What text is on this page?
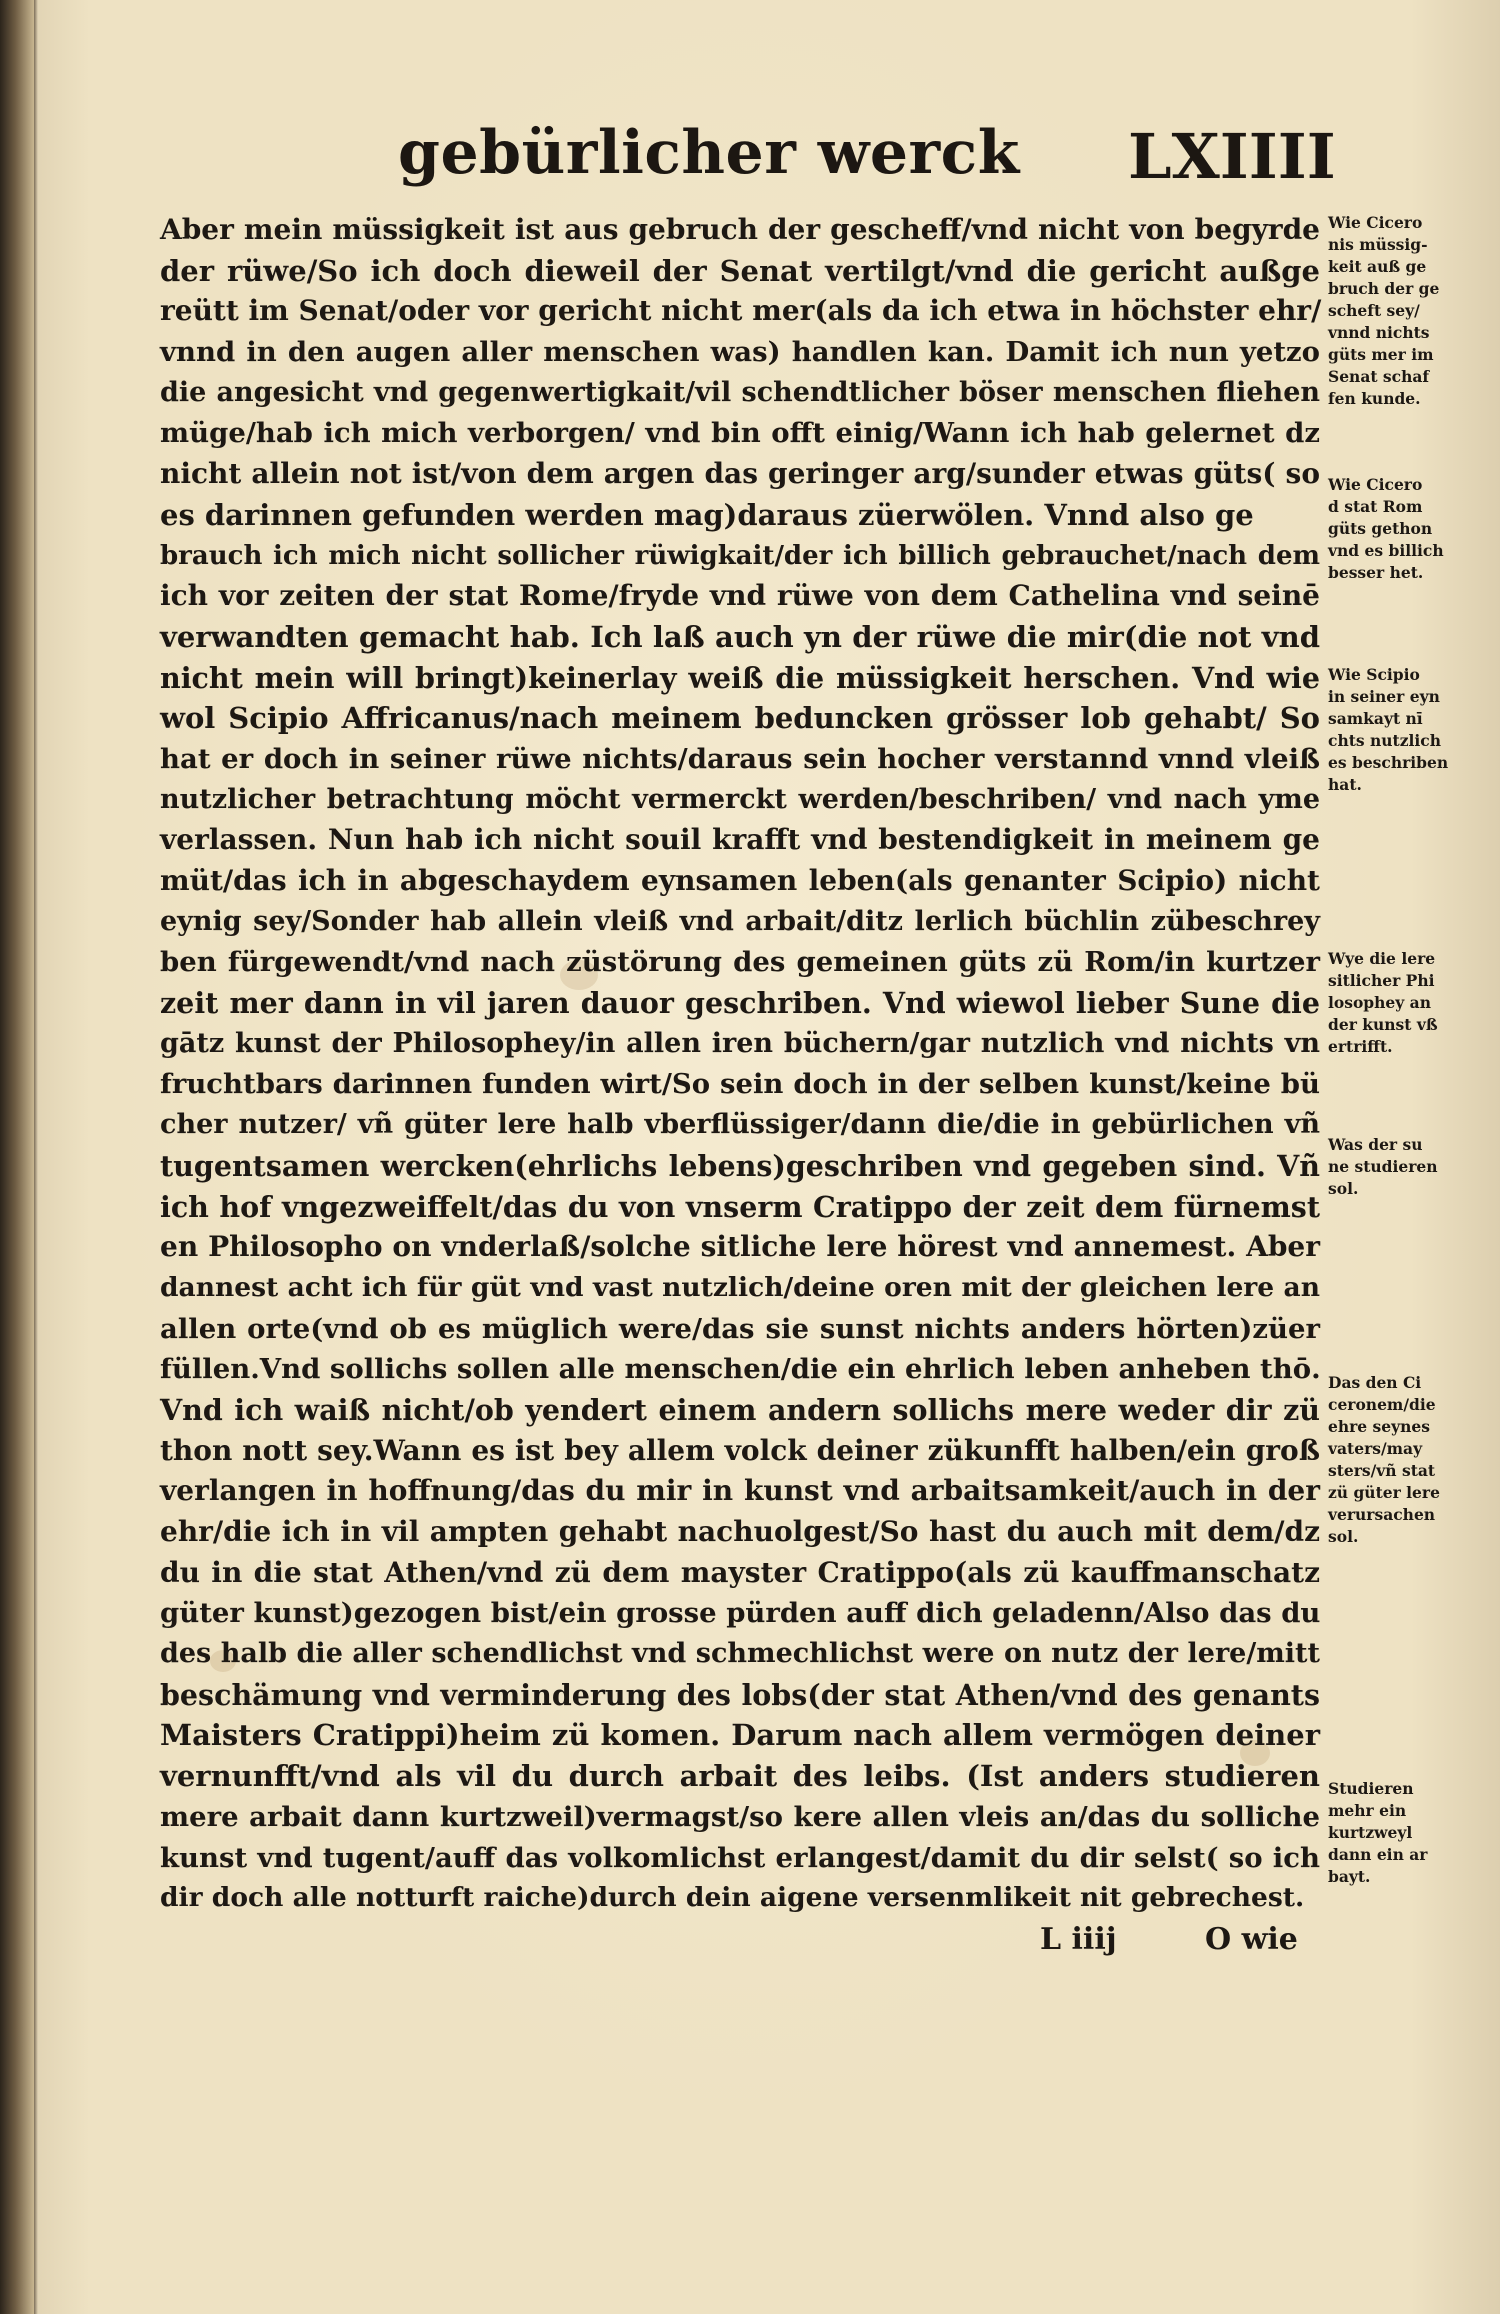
gebürlicher werck LXIIII
Aber mein müssigkeit ist aus gebruch der gescheff/vnd nicht von begyrde
der rüwe/So ich doch dieweil der Senat vertilgt/vnd die gericht außge
reütt im Senat/oder vor gericht nicht mer(als da ich etwa in höchster ehr/
vnnd in den augen aller menschen was) handlen kan. Damit ich nun yetzo
die angesicht vnd gegenwertigkait/vil schendtlicher böser menschen fliehen
müge/hab ich mich verborgen/ vnd bin offt einig/Wann ich hab gelernet dz
nicht allein not ist/von dem argen das geringer arg/sunder etwas güts( so
es darinnen gefunden werden mag)daraus züerwölen. Vnnd also ge
brauch ich mich nicht sollicher rüwigkait/der ich billich gebrauchet/nach dem
ich vor zeiten der stat Rome/fryde vnd rüwe von dem Cathelina vnd seinē
verwandten gemacht hab. Ich laß auch yn der rüwe die mir(die not vnd
nicht mein will bringt)keinerlay weiß die müssigkeit herschen. Vnd wie
wol Scipio Affricanus/nach meinem beduncken grösser lob gehabt/ So
hat er doch in seiner rüwe nichts/daraus sein hocher verstannd vnnd vleiß
nutzlicher betrachtung möcht vermerckt werden/beschriben/ vnd nach yme
verlassen. Nun hab ich nicht souil krafft vnd bestendigkeit in meinem ge
müt/das ich in abgeschaydem eynsamen leben(als genanter Scipio) nicht
eynig sey/Sonder hab allein vleiß vnd arbait/ditz lerlich büchlin zübeschrey
ben fürgewendt/vnd nach züstörung des gemeinen güts zü Rom/in kurtzer
zeit mer dann in vil jaren dauor geschriben. Vnd wiewol lieber Sune die
gātz kunst der Philosophey/in allen iren büchern/gar nutzlich vnd nichts vn
fruchtbars darinnen funden wirt/So sein doch in der selben kunst/keine bü
cher nutzer/ vñ güter lere halb vberflüssiger/dann die/die in gebürlichen vñ
tugentsamen wercken(ehrlichs lebens)geschriben vnd gegeben sind. Vñ
ich hof vngezweiffelt/das du von vnserm Cratippo der zeit dem fürnemst
en Philosopho on vnderlaß/solche sitliche lere hörest vnd annemest. Aber
dannest acht ich für güt vnd vast nutzlich/deine oren mit der gleichen lere an
allen orte(vnd ob es müglich were/das sie sunst nichts anders hörten)züer
füllen.Vnd sollichs sollen alle menschen/die ein ehrlich leben anheben thō.
Vnd ich waiß nicht/ob yendert einem andern sollichs mere weder dir zü
thon nott sey.Wann es ist bey allem volck deiner zükunfft halben/ein groß
verlangen in hoffnung/das du mir in kunst vnd arbaitsamkeit/auch in der
ehr/die ich in vil ampten gehabt nachuolgest/So hast du auch mit dem/dz
du in die stat Athen/vnd zü dem mayster Cratippo(als zü kauffmanschatz
güter kunst)gezogen bist/ein grosse pürden auff dich geladenn/Also das du
des halb die aller schendlichst vnd schmechlichst were on nutz der lere/mitt
beschämung vnd verminderung des lobs(der stat Athen/vnd des genants
Maisters Cratippi)heim zü komen. Darum nach allem vermögen deiner
vernunfft/vnd als vil du durch arbait des leibs. (Ist anders studieren
mere arbait dann kurtzweil)vermagst/so kere allen vleis an/das du solliche
kunst vnd tugent/auff das volkomlichst erlangest/damit du dir selst( so ich
dir doch alle notturft raiche)durch dein aigene versenmlikeit nit gebrechest.
L iiij	O wie
Wie Cicero
nis müssig-
keit auß ge
bruch der ge
scheft sey/
vnnd nichts
güts mer im
Senat schaf
fen kunde.
Wie Cicero
d stat Rom
güts gethon
vnd es billich
besser het.
Wie Scipio
in seiner eyn
samkayt nī
chts nutzlich
es beschriben
hat.
Wye die lere
sitlicher Phi
losophey an
der kunst vß
ertrifft.
Was der su
ne studieren
sol.
Das den Ci
ceronem/die
ehre seynes
vaters/may
sters/vñ stat
zü güter lere
verursachen
sol.
Studieren
mehr ein
kurtzweyl
dann ein ar
bayt.
